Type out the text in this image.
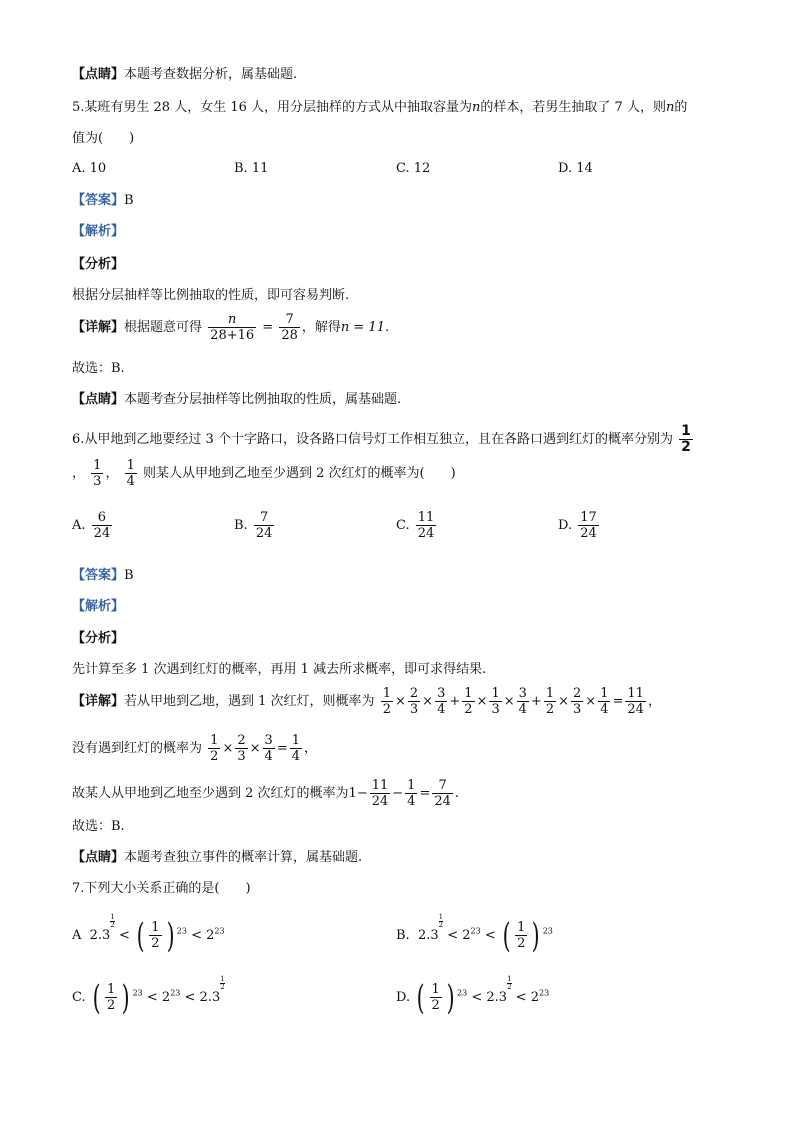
【点睛】本题考查数据分析，属基础题.
5.某班有男生 28 人，女生 16 人，用分层抽样的方式从中抽取容量为n的样本，若男生抽取了 7 人，则n的
值为(　　)
A. 10	B. 11	C. 12	D. 14
【答案】B
【解析】
【分析】
根据分层抽样等比例抽取的性质，即可容易判断.
【详解】根据题意可得 $\frac{n}{28+16} = \frac{7}{28}$ ，解得n = 11.
故选：B.
【点睛】本题考查分层抽样等比例抽取的性质，属基础题.
6.从甲地到乙地要经过 3 个十字路口，设各路口信号灯工作相互独立，且在各路口遇到红灯的概率分别为 $\frac{1}{2}$
， $\frac{1}{3}$ ， $\frac{1}{4}$ 则某人从甲地到乙地至少遇到 2 次红灯的概率为(　　)
A. $\frac{6}{24}$	B. $\frac{7}{24}$	C. $\frac{11}{24}$	D. $\frac{17}{24}$
【答案】B
【解析】
【分析】
先计算至多 1 次遇到红灯的概率，再用 1 减去所求概率，即可求得结果.
【详解】若从甲地到乙地，遇到 1 次红灯，则概率为 $\frac{1}{2} \times \frac{2}{3} \times \frac{3}{4} + \frac{1}{2} \times \frac{1}{3} \times \frac{3}{4} + \frac{1}{2} \times \frac{2}{3} \times \frac{1}{4} = \frac{11}{24}$ ，
没有遇到红灯的概率为 $\frac{1}{2} \times \frac{2}{3} \times \frac{3}{4} = \frac{1}{4}$ ，
故某人从甲地到乙地至少遇到 2 次红灯的概率为$1- \frac{11}{24} - \frac{1}{4} = \frac{7}{24}$ .
故选：B.
【点睛】本题考查独立事件的概率计算，属基础题.
7.下列大小关系正确的是(　　)
A  2.3
$\frac{1}{2}$
< ( $\frac{1}{2}$ ) $^{23} < 2^{23}$	B.  2.3
$\frac{1}{2}$
< $2^{23}$ < ( $\frac{1}{2}$ ) $^{23}$
C. ( $\frac{1}{2}$ ) $^{23} < 2^{23} < 2.3$
$\frac{1}{2}$
D. ( $\frac{1}{2}$ ) $^{23}$ < 2.3
$\frac{1}{2}$
< $2^{23}$
